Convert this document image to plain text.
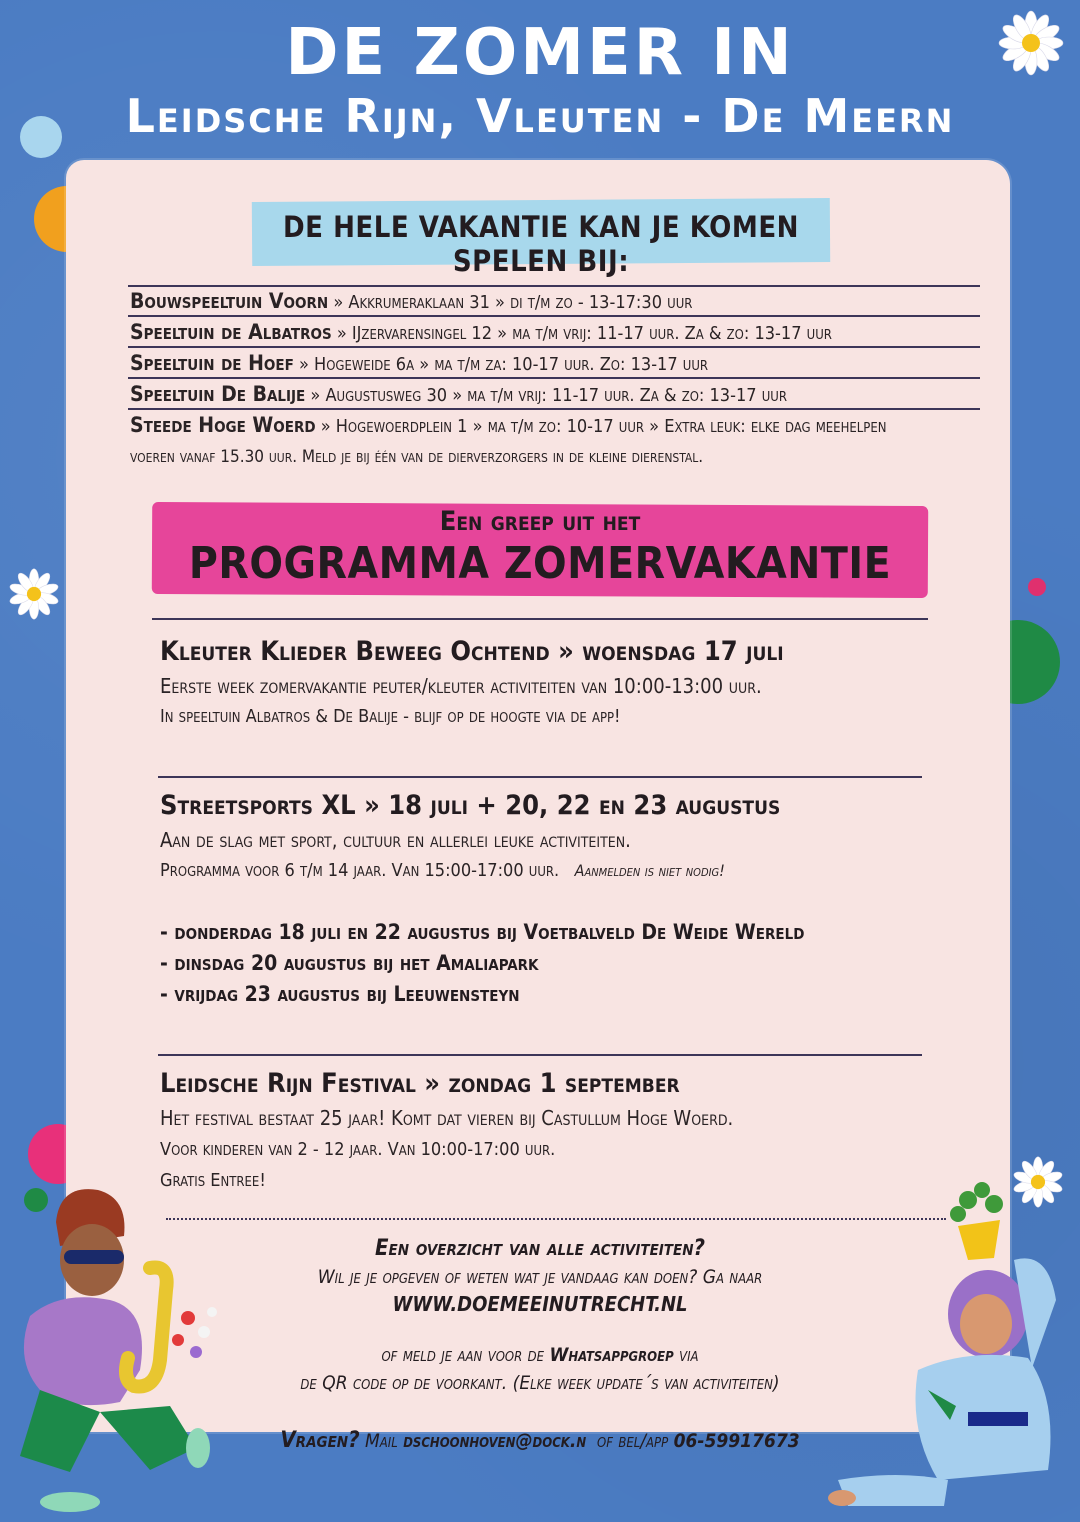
DE ZOMER IN
Leidsche Rijn, Vleuten - De Meern
DE HELE VAKANTIE KAN JE KOMEN SPELEN BIJ:
Bouwspeeltuin Voorn » Akkrumeraklaan 31 » di t/m zo - 13-17:30 uur
Speeltuin de Albatros » IJzervarensingel 12 » ma t/m vrij: 11-17 uur. Za & zo: 13-17 uur
Speeltuin de Hoef » Hogeweide 6a » ma t/m za: 10-17 uur. Zo: 13-17 uur
Speeltuin De Balije » Augustusweg 30 » ma t/m vrij: 11-17 uur. Za & zo: 13-17 uur
Steede Hoge Woerd » Hogewoerdplein 1 » ma t/m zo: 10-17 uur » Extra leuk: elke dag meehelpen
voeren vanaf 15.30 uur. Meld je bij één van de dierverzorgers in de kleine dierenstal.
Een greep uit het
PROGRAMMA ZOMERVAKANTIE
Kleuter Klieder Beweeg Ochtend » woensdag 17 juli
Eerste week zomervakantie peuter/kleuter activiteiten van 10:00-13:00 uur.
In speeltuin Albatros & De Balije - blijf op de hoogte via de app!
Streetsports XL » 18 juli + 20, 22 en 23 augustus
Aan de slag met sport, cultuur en allerlei leuke activiteiten.
Programma voor 6 t/m 14 jaar. Van 15:00-17:00 uur. Aanmelden is niet nodig!
- donderdag 18 juli en 22 augustus bij Voetbalveld De Weide Wereld
- dinsdag 20 augustus bij het Amaliapark
- vrijdag 23 augustus bij Leeuwensteyn
Leidsche Rijn Festival » zondag 1 september
Het festival bestaat 25 jaar! Komt dat vieren bij Castullum Hoge Woerd.
Voor kinderen van 2 - 12 jaar. Van 10:00-17:00 uur.
Gratis Entree!
Een overzicht van alle activiteiten?
Wil je je opgeven of weten wat je vandaag kan doen? Ga naar
WWW.DOEMEEINUTRECHT.NL
of meld je aan voor de Whatsappgroep via
de QR code op de voorkant. (Elke week update´s van activiteiten)
Vragen? Mail dschoonhoven@dock.n of bel/app 06-59917673
